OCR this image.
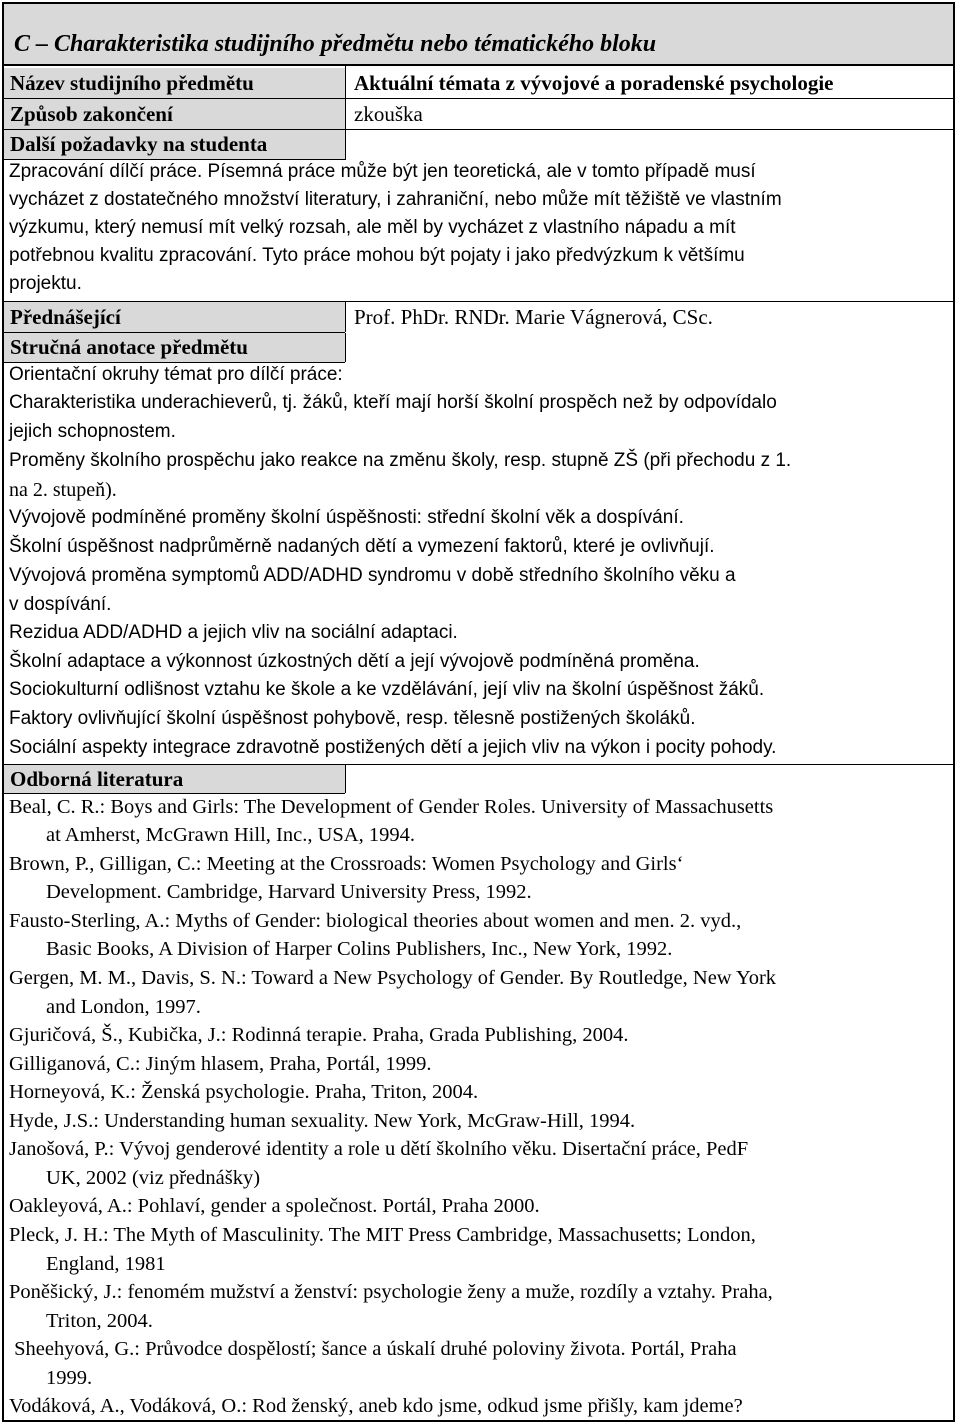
C – Charakteristika studijního předmětu nebo tématického bloku
Název studijního předmětu	Aktuální témata z vývojové a poradenské psychologie
Způsob zakončení	zkouška
Další požadavky na studenta
Zpracování dílčí práce. Písemná práce může být jen teoretická, ale v tomto případě musí
vycházet z dostatečného množství literatury, i zahraniční, nebo může mít těžiště ve vlastním
výzkumu, který nemusí mít velký rozsah, ale měl by vycházet z vlastního nápadu a mít
potřebnou kvalitu zpracování. Tyto práce mohou být pojaty i jako předvýzkum k většímu
projektu.
Přednášející	Prof. PhDr. RNDr. Marie Vágnerová, CSc.
Stručná anotace předmětu
Orientační okruhy témat pro dílčí práce:
Charakteristika underachieverů, tj. žáků, kteří mají horší školní prospěch než by odpovídalo
jejich schopnostem.
Proměny školního prospěchu jako reakce na změnu školy, resp. stupně ZŠ (při přechodu z 1.
na 2. stupeň).
Vývojově podmíněné proměny školní úspěšnosti: střední školní věk a dospívání.
Školní úspěšnost nadprůměrně nadaných dětí a vymezení faktorů, které je ovlivňují.
Vývojová proměna symptomů ADD/ADHD syndromu v době středního školního věku a
v dospívání.
Rezidua ADD/ADHD a jejich vliv na sociální adaptaci.
Školní adaptace a výkonnost úzkostných dětí a její vývojově podmíněná proměna.
Sociokulturní odlišnost vztahu ke škole a ke vzdělávání, její vliv na školní úspěšnost žáků.
Faktory ovlivňující školní úspěšnost pohybově, resp. tělesně postižených školáků.
Sociální aspekty integrace zdravotně postižených dětí a jejich vliv na výkon i pocity pohody.
Odborná literatura
Beal, C. R.: Boys and Girls: The Development of Gender Roles. University of Massachusetts
at Amherst, McGrawn Hill, Inc., USA, 1994.
Brown, P., Gilligan, C.: Meeting at the Crossroads: Women Psychology and Girls‘
Development. Cambridge, Harvard University Press, 1992.
Fausto-Sterling, A.: Myths of Gender: biological theories about women and men. 2. vyd.,
Basic Books, A Division of Harper Colins Publishers, Inc., New York, 1992.
Gergen, M. M., Davis, S. N.: Toward a New Psychology of Gender. By Routledge, New York
and London, 1997.
Gjuričová, Š., Kubička, J.: Rodinná terapie. Praha, Grada Publishing, 2004.
Gilliganová, C.: Jiným hlasem, Praha, Portál, 1999.
Horneyová, K.: Ženská psychologie. Praha, Triton, 2004.
Hyde, J.S.: Understanding human sexuality. New York, McGraw-Hill, 1994.
Janošová, P.: Vývoj genderové identity a role u dětí školního věku. Disertační práce, PedF
UK, 2002 (viz přednášky)
Oakleyová, A.: Pohlaví, gender a společnost. Portál, Praha 2000.
Pleck, J. H.: The Myth of Masculinity. The MIT Press Cambridge, Massachusetts; London,
England, 1981
Poněšický, J.: fenomém mužství a ženství: psychologie ženy a muže, rozdíly a vztahy. Praha,
Triton, 2004.
Sheehyová, G.: Průvodce dospělostí; šance a úskalí druhé poloviny života. Portál, Praha
1999.
Vodáková, A., Vodáková, O.: Rod ženský, aneb kdo jsme, odkud jsme přišly, kam jdeme?
